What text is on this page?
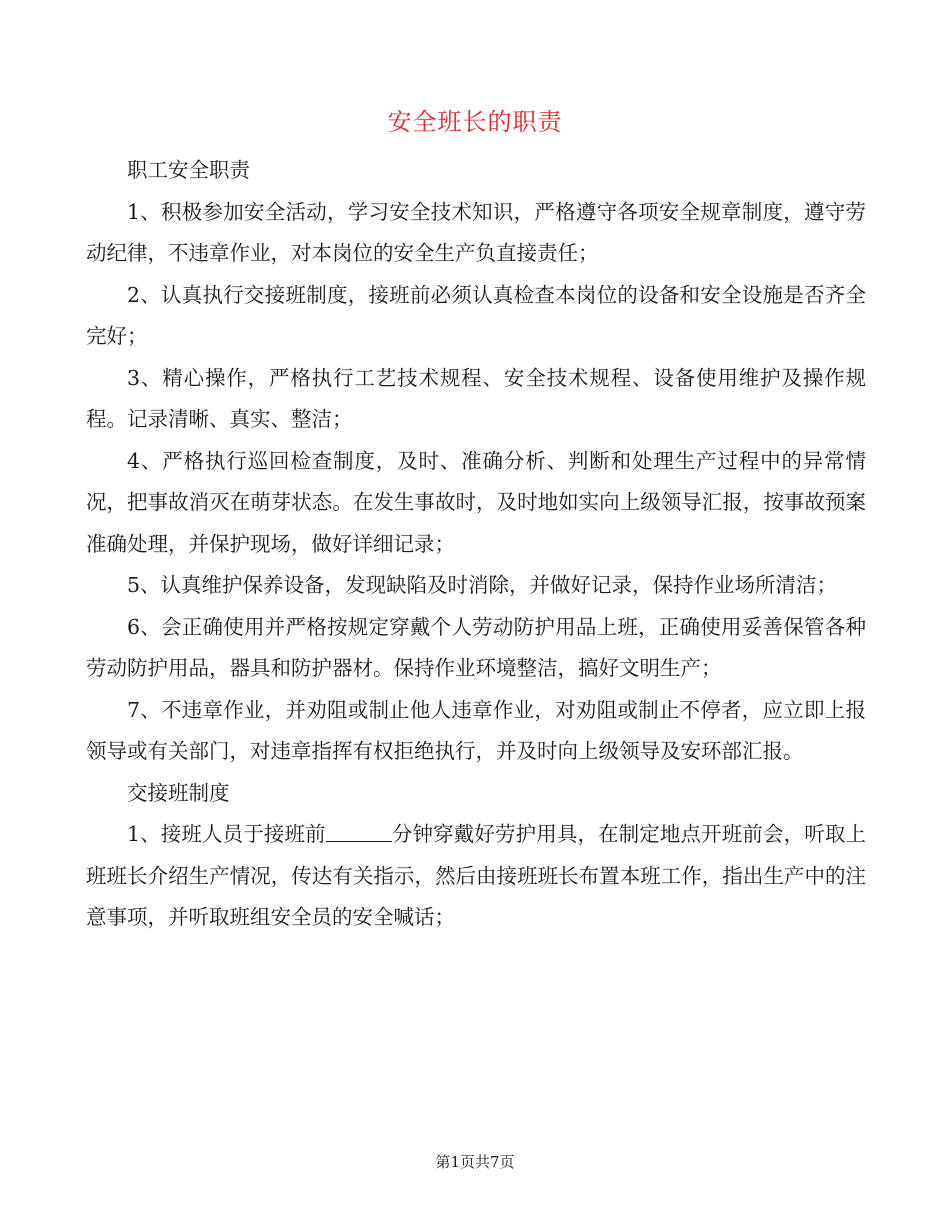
安全班长的职责

职工安全职责

1、积极参加安全活动，学习安全技术知识，严格遵守各项安全规章制度，遵守劳动纪律，不违章作业，对本岗位的安全生产负直接责任；

2、认真执行交接班制度，接班前必须认真检查本岗位的设备和安全设施是否齐全完好；

3、精心操作，严格执行工艺技术规程、安全技术规程、设备使用维护及操作规程。记录清晰、真实、整洁；

4、严格执行巡回检查制度，及时、准确分析、判断和处理生产过程中的异常情况，把事故消灭在萌芽状态。在发生事故时，及时地如实向上级领导汇报，按事故预案准确处理，并保护现场，做好详细记录；

5、认真维护保养设备，发现缺陷及时消除，并做好记录，保持作业场所清洁；

6、会正确使用并严格按规定穿戴个人劳动防护用品上班，正确使用妥善保管各种劳动防护用品，器具和防护器材。保持作业环境整洁，搞好文明生产；

7、不违章作业，并劝阻或制止他人违章作业，对劝阻或制止不停者，应立即上报领导或有关部门，对违章指挥有权拒绝执行，并及时向上级领导及安环部汇报。

交接班制度

1、接班人员于接班前	分钟穿戴好劳护用具，在制定地点开班前会，听取上班班长介绍生产情况，传达有关指示，然后由接班班长布置本班工作，指出生产中的注意事项，并听取班组安全员的安全喊话；

第1页共7页
